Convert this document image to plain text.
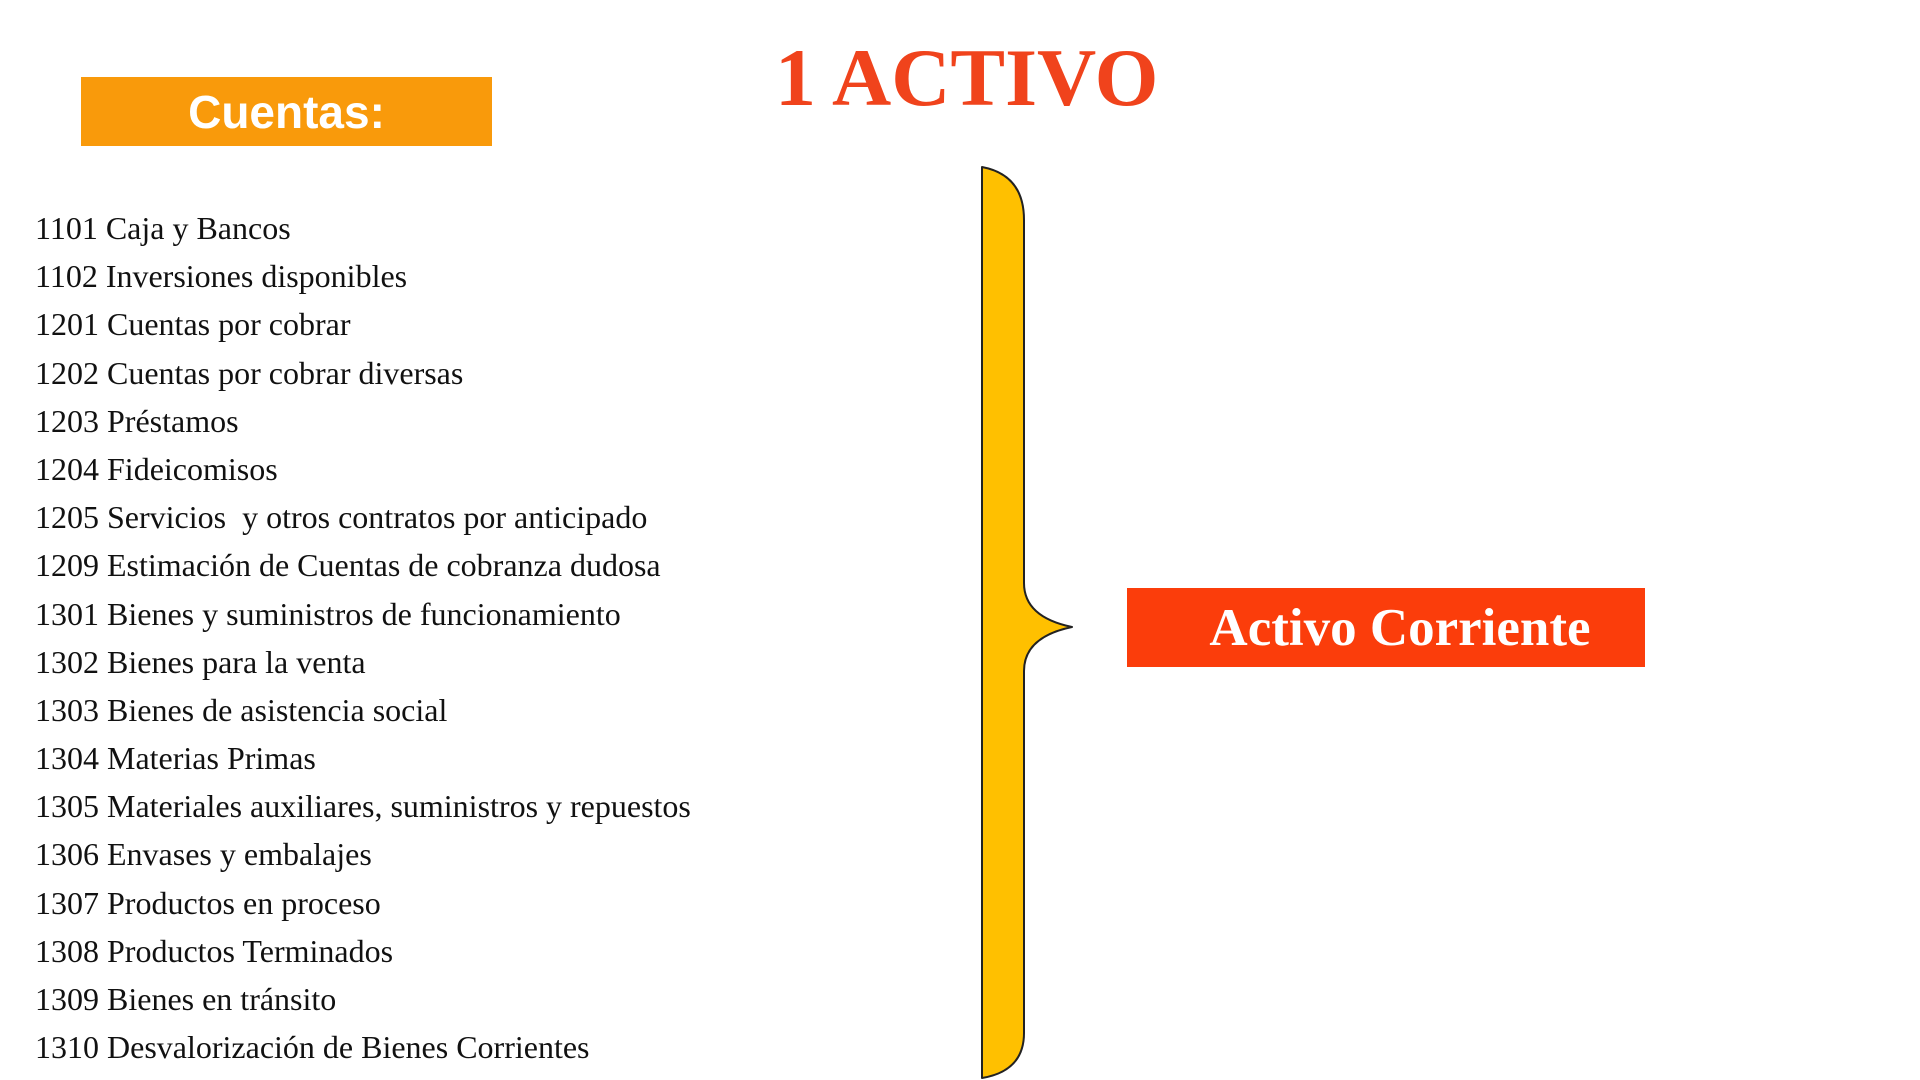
1 ACTIVO
Cuentas:
1101 Caja y Bancos
1102 Inversiones disponibles
1201 Cuentas por cobrar
1202 Cuentas por cobrar diversas
1203 Préstamos
1204 Fideicomisos
1205 Servicios  y otros contratos por anticipado
1209 Estimación de Cuentas de cobranza dudosa
1301 Bienes y suministros de funcionamiento
1302 Bienes para la venta
1303 Bienes de asistencia social
1304 Materias Primas
1305 Materiales auxiliares, suministros y repuestos
1306 Envases y embalajes
1307 Productos en proceso
1308 Productos Terminados
1309 Bienes en tránsito
1310 Desvalorización de Bienes Corrientes
Activo Corriente
